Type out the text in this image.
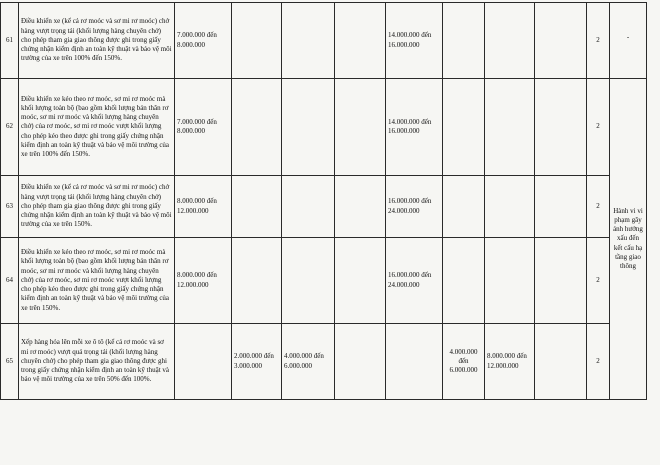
61	Điều khiển xe (kể cả rơ moóc và sơ mi rơ moóc) chở hàng vượt trọng tải (khối lượng hàng chuyên chở) cho phép tham gia giao thông được ghi trong giấy chứng nhận kiểm định an toàn kỹ thuật và bảo vệ môi trường của xe trên 100% đến 150%.	7.000.000 đến 8.000.000				14.000.000 đến 16.000.000				2	-
62	Điều khiển xe kéo theo rơ moóc, sơ mi rơ moóc mà khối lượng toàn bộ (bao gồm khối lượng bản thân rơ moóc, sơ mi rơ moóc và khối lượng hàng chuyên chở) của rơ moóc, sơ mi rơ moóc vượt khối lượng cho phép kéo theo được ghi trong giấy chứng nhận kiểm định an toàn kỹ thuật và bảo vệ môi trường của xe trên 100% đến 150%.	7.000.000 đến 8.000.000				14.000.000 đến 16.000.000				2	Hành vi vi phạm gây ảnh hưởng xấu đến kết cấu hạ tầng giao thông
63	Điều khiển xe (kể cả rơ moóc và sơ mi rơ moóc) chở hàng vượt trọng tải (khối lượng hàng chuyên chở) cho phép tham gia giao thông được ghi trong giấy chứng nhận kiểm định an toàn kỹ thuật và bảo vệ môi trường của xe trên 150%.	8.000.000 đến 12.000.000				16.000.000 đến 24.000.000				2	
64	Điều khiển xe kéo theo rơ moóc, sơ mi rơ moóc mà khối lượng toàn bộ (bao gồm khối lượng bản thân rơ moóc, sơ mi rơ moóc và khối lượng hàng chuyên chở) của rơ moóc, sơ mi rơ moóc vượt khối lượng cho phép kéo theo được ghi trong giấy chứng nhận kiểm định an toàn kỹ thuật và bảo vệ môi trường của xe trên 150%.	8.000.000 đến 12.000.000				16.000.000 đến 24.000.000				2	
65	Xếp hàng hóa lên mỗi xe ô tô (kể cả rơ moóc và sơ mi rơ moóc) vượt quá trọng tải (khối lượng hàng chuyên chở) cho phép tham gia giao thông được ghi trong giấy chứng nhận kiểm định an toàn kỹ thuật và bảo vệ môi trường của xe trên 50% đến 100%.		2.000.000 đến 3.000.000	4.000.000 đến 6.000.000			4.000.000 đến 6.000.000	8.000.000 đến 12.000.000		2	
